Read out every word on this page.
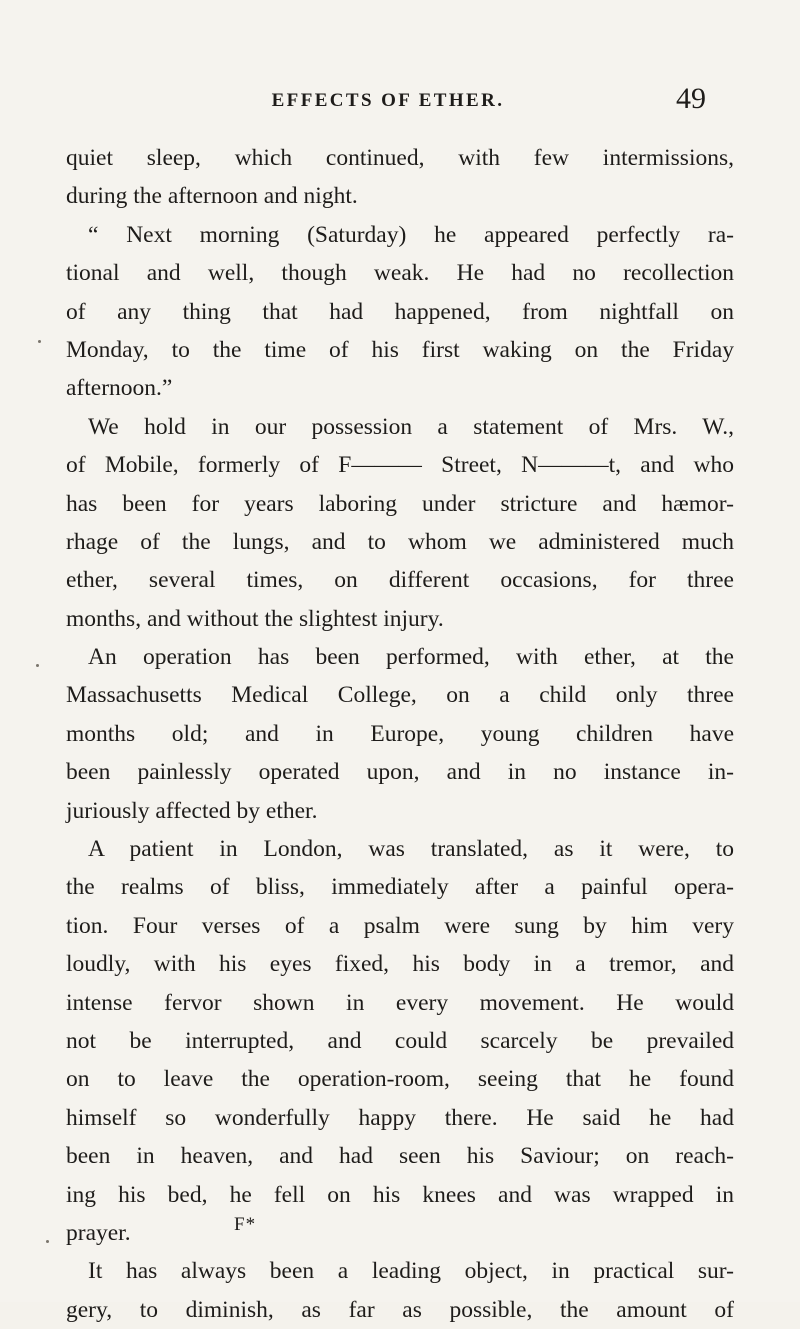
EFFECTS OF ETHER.	49
quiet sleep, which continued, with few intermissions,
during the afternoon and night.
“ Next morning (Saturday) he appeared perfectly ra-
tional and well, though weak. He had no recollection
of any thing that had happened, from nightfall on
Monday, to the time of his first waking on the Friday
afternoon.”
We hold in our possession a statement of Mrs. W.,
of Mobile, formerly of F——— Street, N———t, and who
has been for years laboring under stricture and hæmor-
rhage of the lungs, and to whom we administered much
ether, several times, on different occasions, for three
months, and without the slightest injury.
An operation has been performed, with ether, at the
Massachusetts Medical College, on a child only three
months old; and in Europe, young children have
been painlessly operated upon, and in no instance in-
juriously affected by ether.
A patient in London, was translated, as it were, to
the realms of bliss, immediately after a painful opera-
tion. Four verses of a psalm were sung by him very
loudly, with his eyes fixed, his body in a tremor, and
intense fervor shown in every movement. He would
not be interrupted, and could scarcely be prevailed
on to leave the operation-room, seeing that he found
himself so wonderfully happy there. He said he had
been in heaven, and had seen his Saviour; on reach-
ing his bed, he fell on his knees and was wrapped in
prayer.
It has always been a leading object, in practical sur-
gery, to diminish, as far as possible, the amount of
F*
